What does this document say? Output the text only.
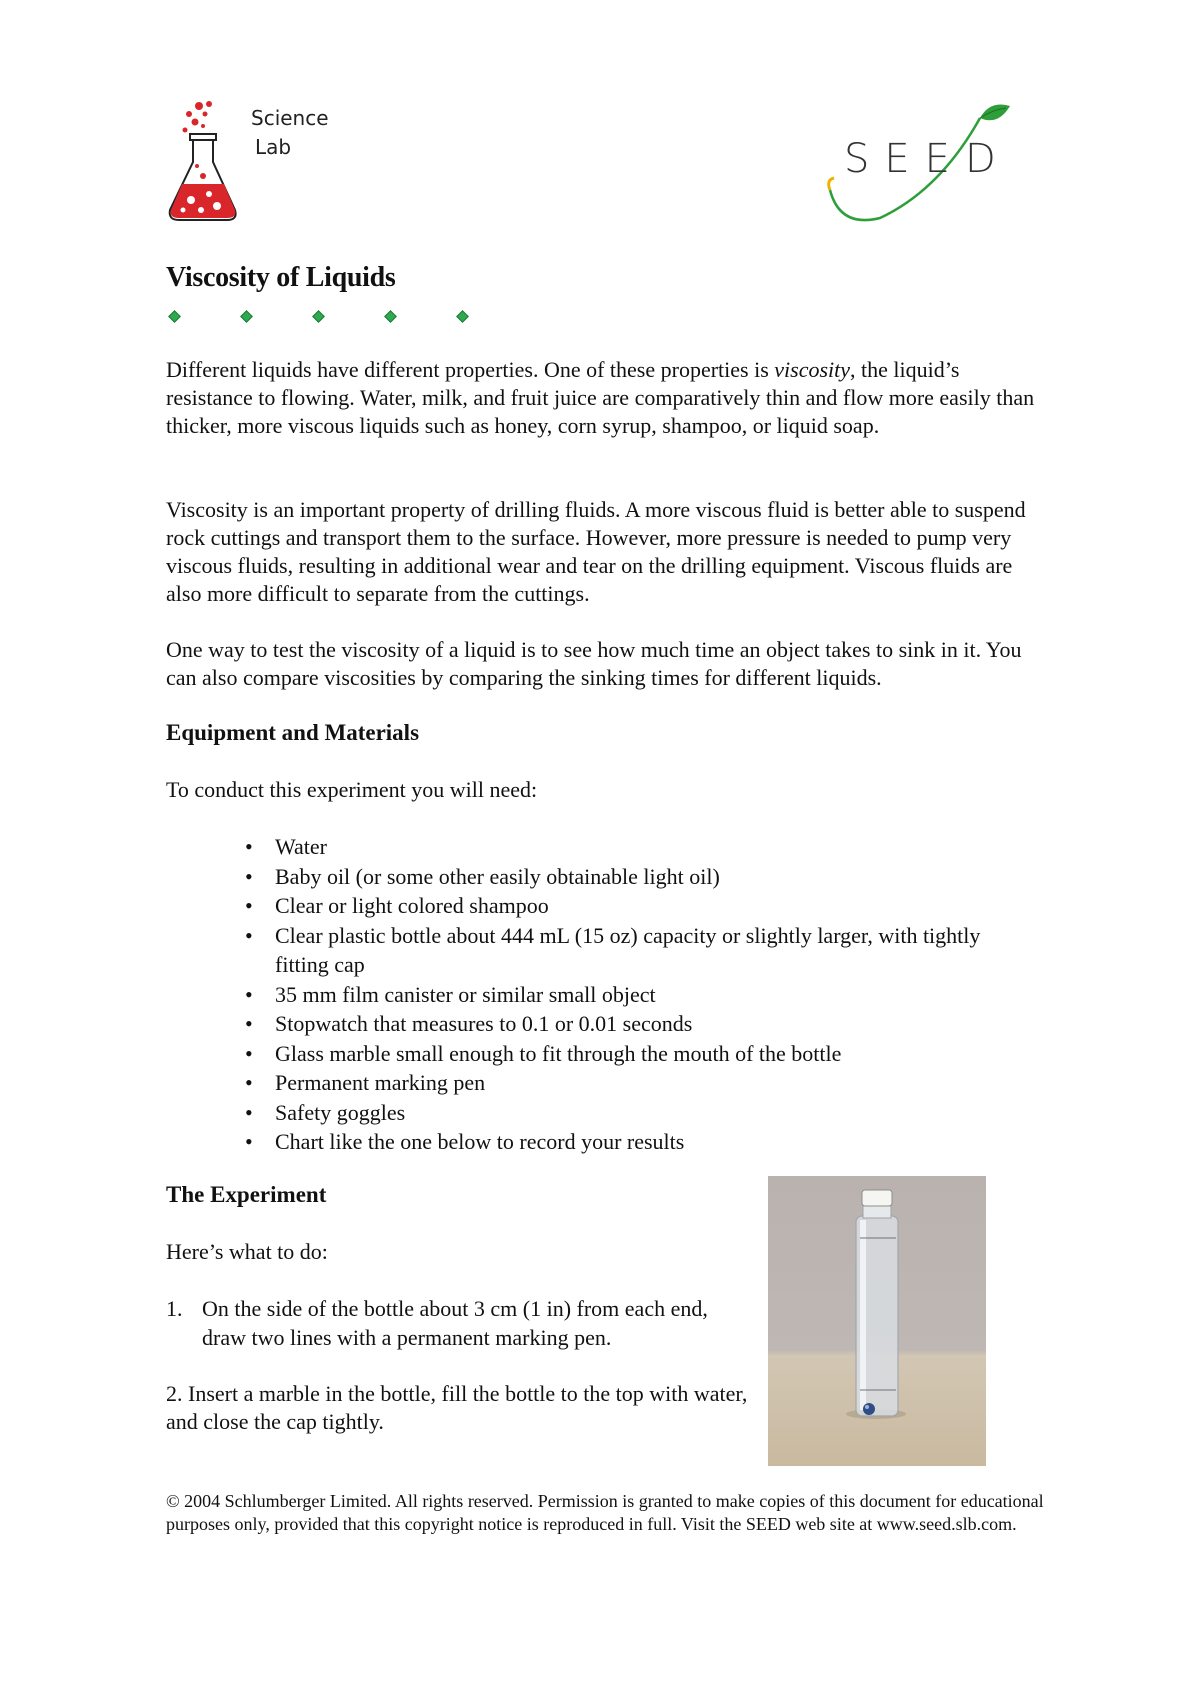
Science
Lab	SEED
Viscosity of Liquids
Different liquids have different properties. One of these properties is viscosity, the liquid’s resistance to flowing. Water, milk, and fruit juice are comparatively thin and flow more easily than thicker, more viscous liquids such as honey, corn syrup, shampoo, or liquid soap.
Viscosity is an important property of drilling fluids. A more viscous fluid is better able to suspend rock cuttings and transport them to the surface. However, more pressure is needed to pump very viscous fluids, resulting in additional wear and tear on the drilling equipment. Viscous fluids are also more difficult to separate from the cuttings.
One way to test the viscosity of a liquid is to see how much time an object takes to sink in it. You can also compare viscosities by comparing the sinking times for different liquids.
Equipment and Materials
To conduct this experiment you will need:
• Water
• Baby oil (or some other easily obtainable light oil)
• Clear or light colored shampoo
• Clear plastic bottle about 444 mL (15 oz) capacity or slightly larger, with tightly fitting cap
• 35 mm film canister or similar small object
• Stopwatch that measures to 0.1 or 0.01 seconds
• Glass marble small enough to fit through the mouth of the bottle
• Permanent marking pen
• Safety goggles
• Chart like the one below to record your results
The Experiment
Here’s what to do:
1. On the side of the bottle about 3 cm (1 in) from each end, draw two lines with a permanent marking pen.
2. Insert a marble in the bottle, fill the bottle to the top with water, and close the cap tightly.
© 2004 Schlumberger Limited. All rights reserved. Permission is granted to make copies of this document for educational purposes only, provided that this copyright notice is reproduced in full. Visit the SEED web site at www.seed.slb.com.
